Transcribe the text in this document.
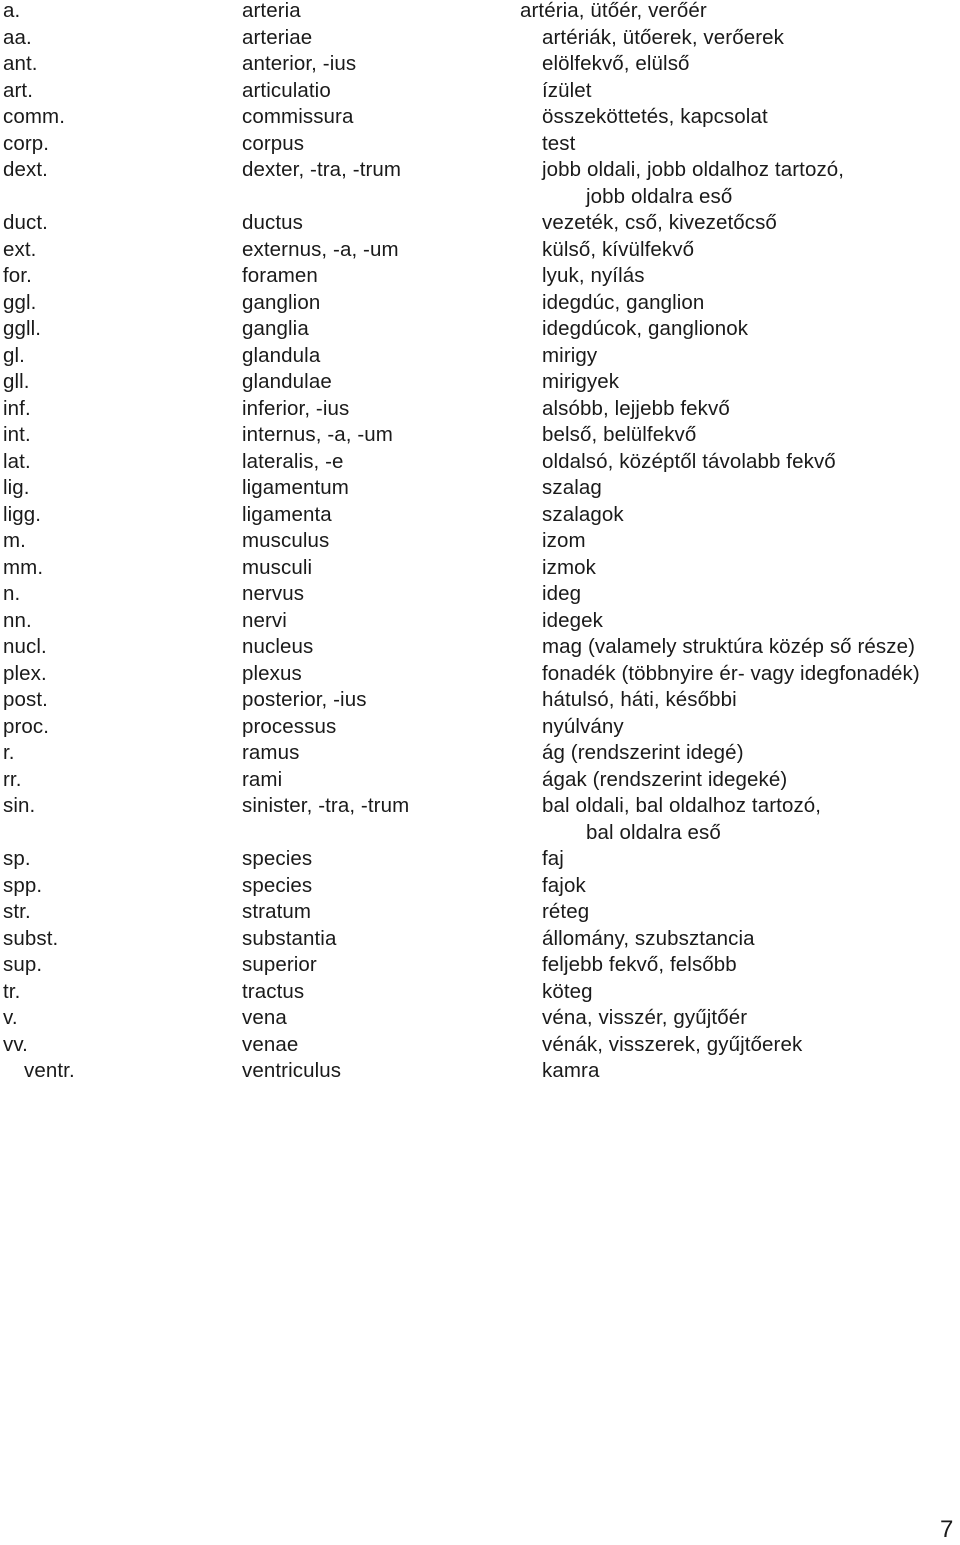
a.	arteria	artéria, ütőér, verőér
aa.	arteriae	artériák, ütőerek, verőerek
ant.	anterior, -ius	elölfekvő, elülső
art.	articulatio	ízület
comm.	commissura	összeköttetés, kapcsolat
corp.	corpus	test
dext.	dexter, -tra, -trum	jobb oldali, jobb oldalhoz tartozó,
jobb oldalra eső
duct.	ductus	vezeték, cső, kivezetőcső
ext.	externus, -a, -um	külső, kívülfekvő
for.	foramen	lyuk, nyílás
ggl.	ganglion	idegdúc, ganglion
ggll.	ganglia	idegdúcok, ganglionok
gl.	glandula	mirigy
gll.	glandulae	mirigyek
inf.	inferior, -ius	alsóbb, lejjebb fekvő
int.	internus, -a, -um	belső, belülfekvő
lat.	lateralis, -e	oldalsó, középtől távolabb fekvő
lig.	ligamentum	szalag
ligg.	ligamenta	szalagok
m.	musculus	izom
mm.	musculi	izmok
n.	nervus	ideg
nn.	nervi	idegek
nucl.	nucleus	mag (valamely struktúra közép ső része)
plex.	plexus	fonadék (többnyire ér- vagy idegfonadék)
post.	posterior, -ius	hátulsó, háti, későbbi
proc.	processus	nyúlvány
r.	ramus	ág (rendszerint idegé)
rr.	rami	ágak (rendszerint idegeké)
sin.	sinister, -tra, -trum	bal oldali, bal oldalhoz tartozó,
bal oldalra eső
sp.	species	faj
spp.	species	fajok
str.	stratum	réteg
subst.	substantia	állomány, szubsztancia
sup.	superior	feljebb fekvő, felsőbb
tr.	tractus	köteg
v.	vena	véna, visszér, gyűjtőér
vv.	venae	vénák, visszerek, gyűjtőerek
ventr.	ventriculus	kamra
7
